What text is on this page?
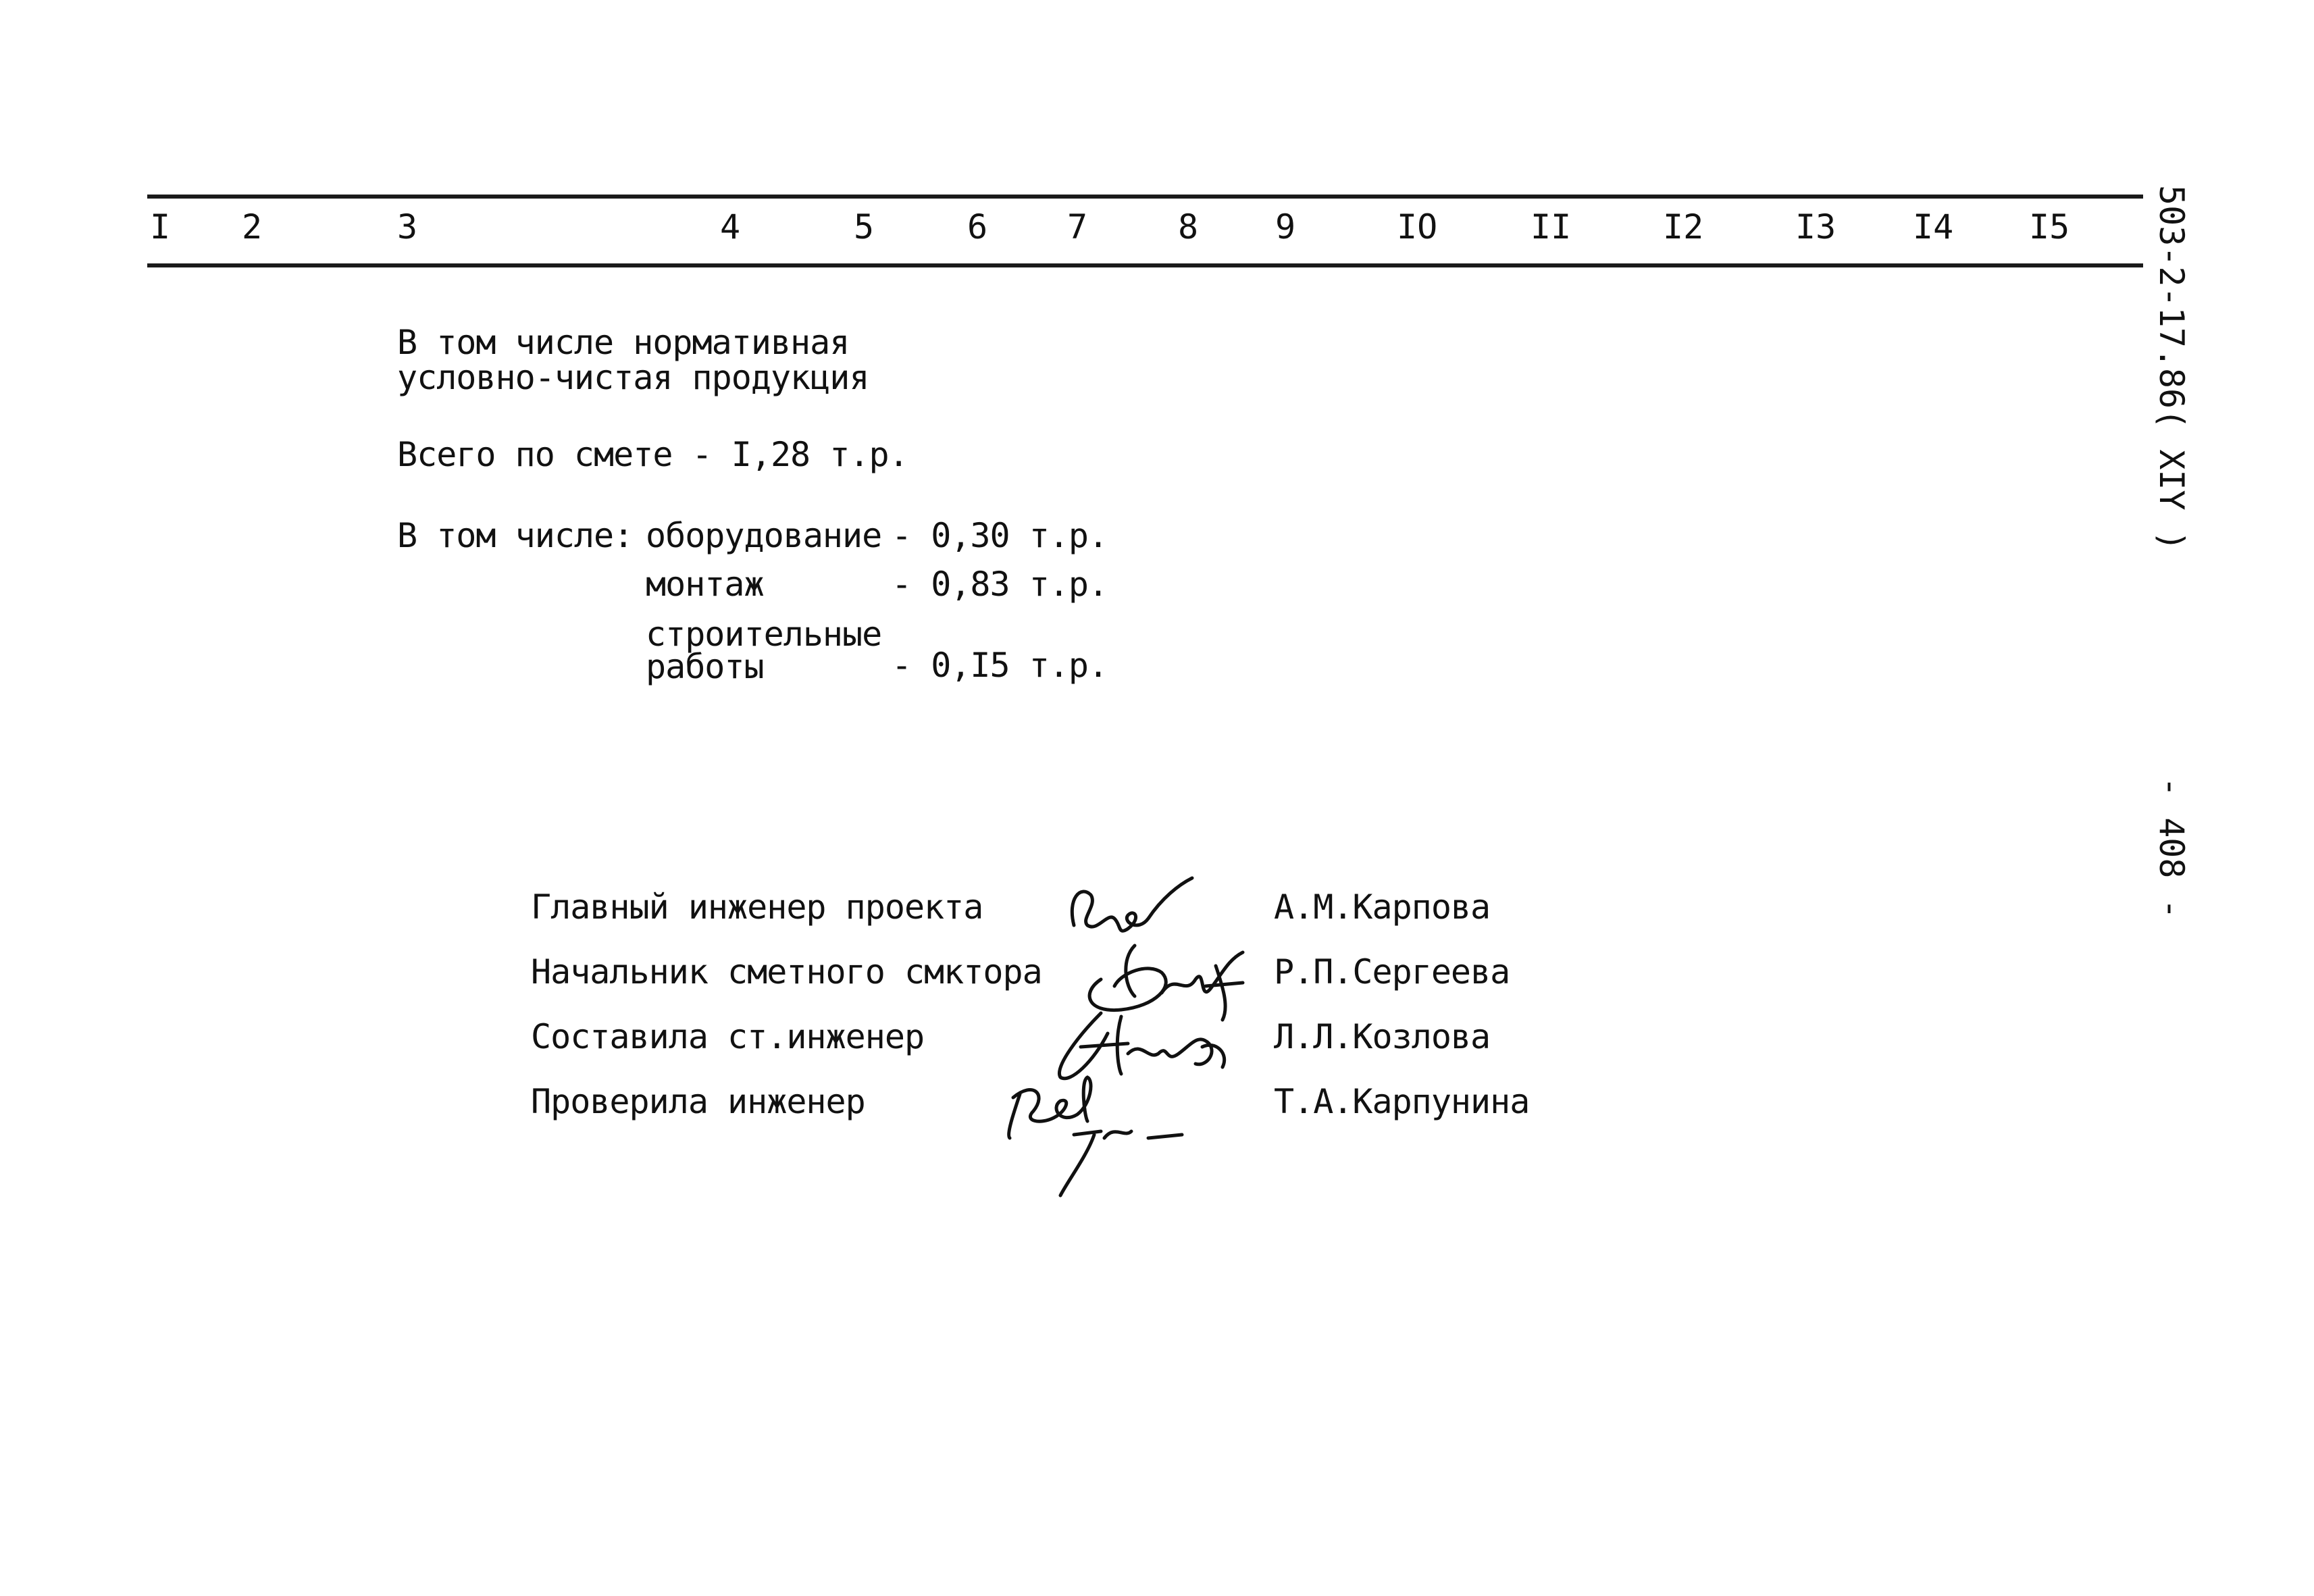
I 2	3	4	5	6 7	8 9	IO	II	I2	I3 I4 I5 503-2-17.86( XIY )
- 408 -
В том числе нормативная
условно-чистая продукция
Всего по смете - I,28 т.р.
В том числе: оборудование - 0,30 т.р.
монтаж	- 0,83 т.р.
строительные
работы	- 0,I5 т.р.
Главный инженер проекта	А.М.Карпова
Начальник сметного смктора	Р.П.Сергеева
Составила ст.инженер	Л.Л.Козлова
Проверила инженер	Т.А.Карпунина
